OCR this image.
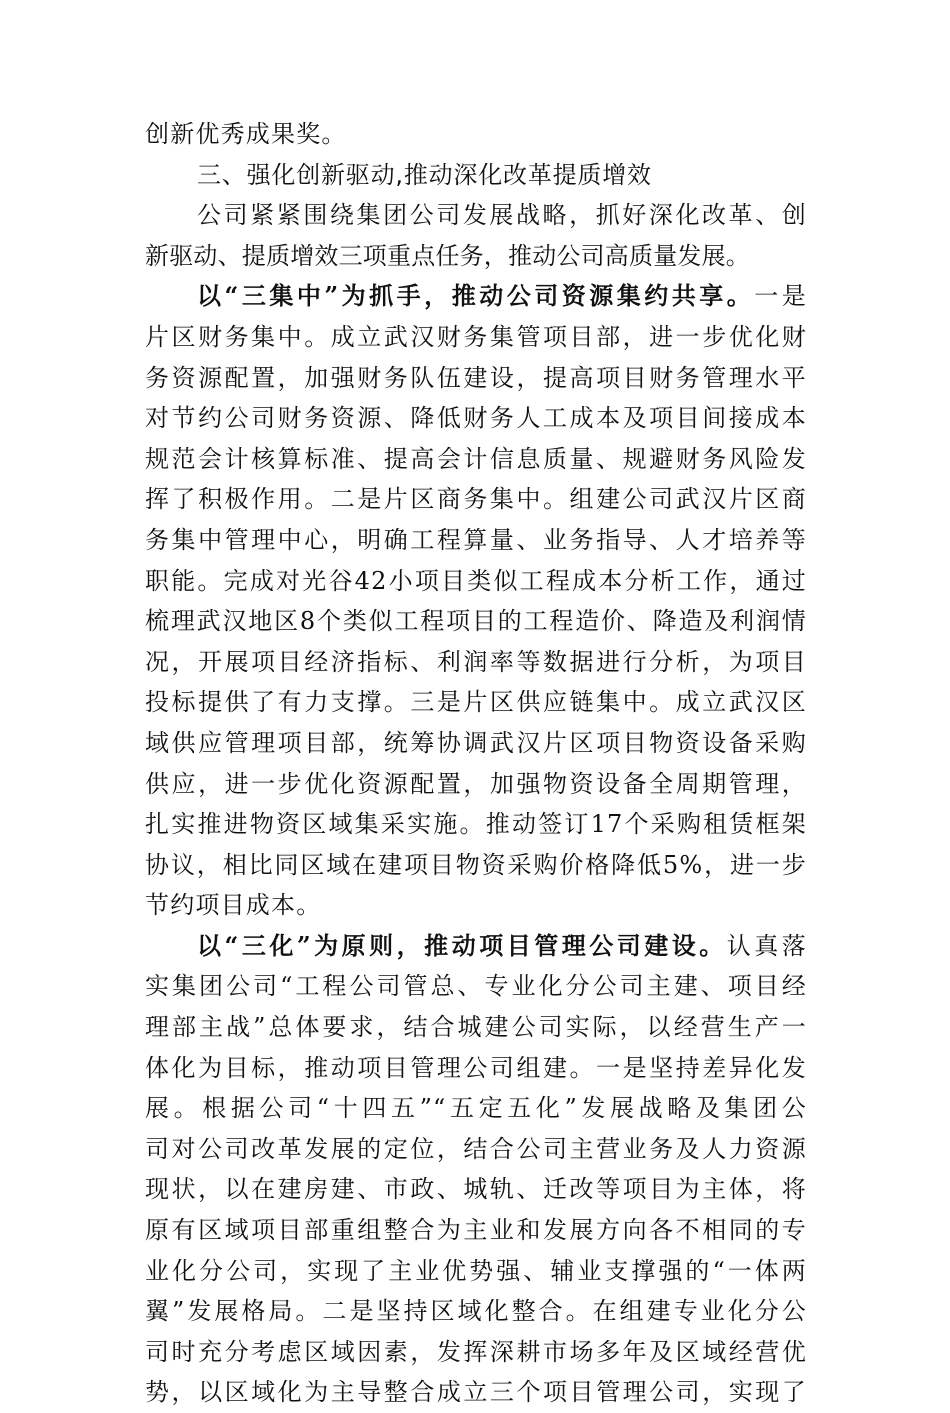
创新优秀成果奖。
三、强化创新驱动,推动深化改革提质增效
公司紧紧围绕集团公司发展战略，抓好深化改革、创
新驱动、提质增效三项重点任务，推动公司高质量发展。
以“三集中”为抓手，推动公司资源集约共享。一是
片区财务集中。成立武汉财务集管项目部，进一步优化财
务资源配置，加强财务队伍建设，提高项目财务管理水平
对节约公司财务资源、降低财务人工成本及项目间接成本
规范会计核算标准、提高会计信息质量、规避财务风险发
挥了积极作用。二是片区商务集中。组建公司武汉片区商
务集中管理中心，明确工程算量、业务指导、人才培养等
职能。完成对光谷42小项目类似工程成本分析工作，通过
梳理武汉地区8个类似工程项目的工程造价、降造及利润情
况，开展项目经济指标、利润率等数据进行分析，为项目
投标提供了有力支撑。三是片区供应链集中。成立武汉区
域供应管理项目部，统筹协调武汉片区项目物资设备采购
供应，进一步优化资源配置，加强物资设备全周期管理，
扎实推进物资区域集采实施。推动签订17个采购租赁框架
协议，相比同区域在建项目物资采购价格降低5%，进一步
节约项目成本。
以“三化”为原则，推动项目管理公司建设。认真落
实集团公司“工程公司管总、专业化分公司主建、项目经
理部主战”总体要求，结合城建公司实际，以经营生产一
体化为目标，推动项目管理公司组建。一是坚持差异化发
展。根据公司“十四五”“五定五化”发展战略及集团公
司对公司改革发展的定位，结合公司主营业务及人力资源
现状，以在建房建、市政、城轨、迁改等项目为主体，将
原有区域项目部重组整合为主业和发展方向各不相同的专
业化分公司，实现了主业优势强、辅业支撑强的“一体两
翼”发展格局。二是坚持区域化整合。在组建专业化分公
司时充分考虑区域因素，发挥深耕市场多年及区域经营优
势，以区域化为主导整合成立三个项目管理公司，实现了
